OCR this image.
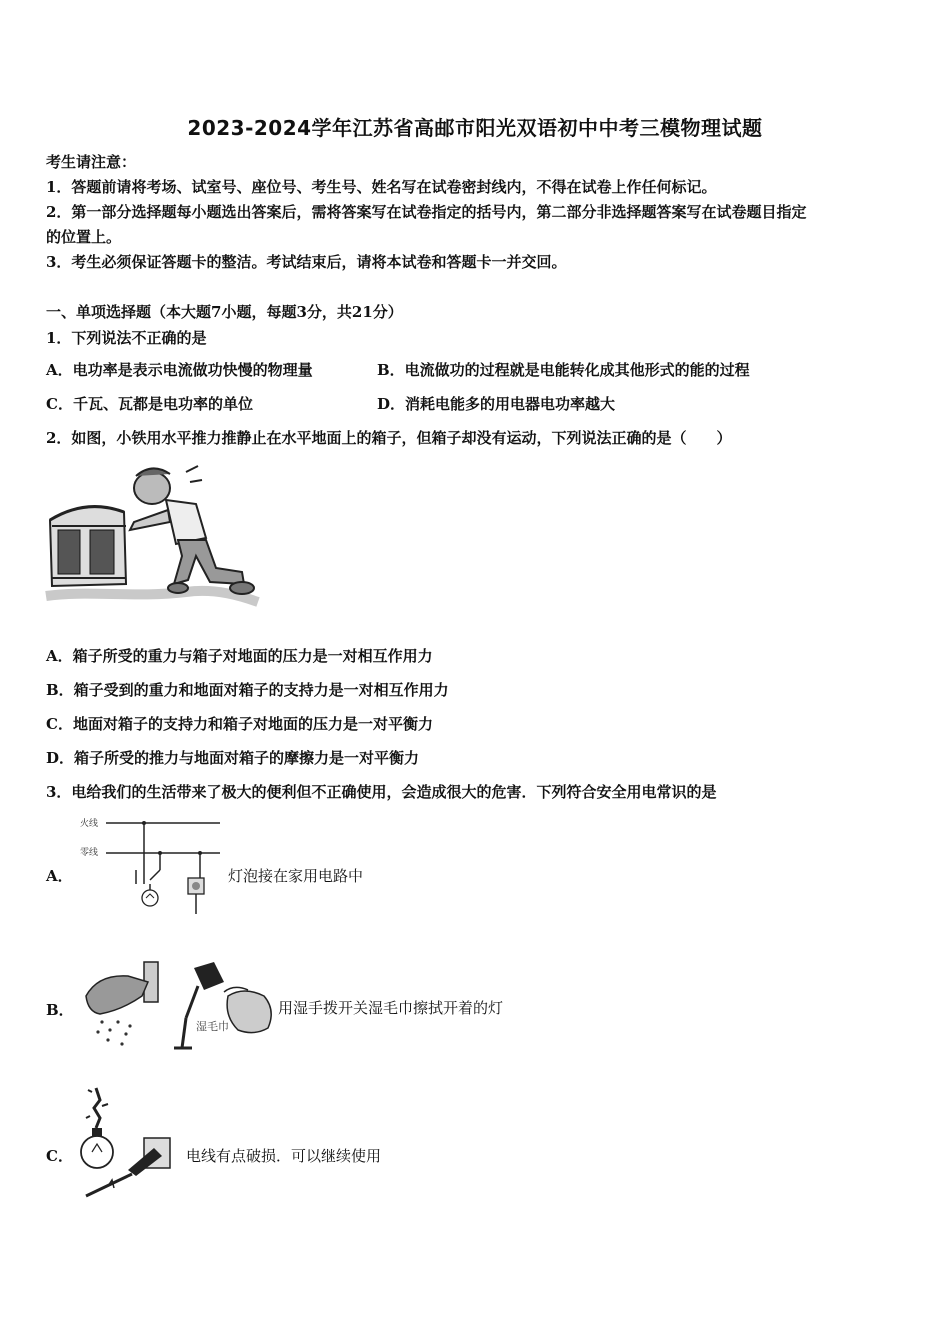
2023-2024学年江苏省高邮市阳光双语初中中考三模物理试题
考生请注意：
1．答题前请将考场、试室号、座位号、考生号、姓名写在试卷密封线内，不得在试卷上作任何标记。
2．第一部分选择题每小题选出答案后，需将答案写在试卷指定的括号内，第二部分非选择题答案写在试卷题目指定
的位置上。
3．考生必须保证答题卡的整洁。考试结束后，请将本试卷和答题卡一并交回。
一、单项选择题（本大题7小题，每题3分，共21分）
1．下列说法不正确的是
A．电功率是表示电流做功快慢的物理量	B．电流做功的过程就是电能转化成其他形式的能的过程
C．千瓦、瓦都是电功率的单位	D．消耗电能多的用电器电功率越大
2．如图，小铁用水平推力推静止在水平地面上的箱子，但箱子却没有运动，下列说法正确的是（　　）
A．箱子所受的重力与箱子对地面的压力是一对相互作用力
B．箱子受到的重力和地面对箱子的支持力是一对相互作用力
C．地面对箱子的支持力和箱子对地面的压力是一对平衡力
D．箱子所受的推力与地面对箱子的摩擦力是一对平衡力
3．电给我们的生活带来了极大的便利但不正确使用，会造成很大的危害．下列符合安全用电常识的是
A．
火线
零线
灯泡接在家用电路中
B．
湿毛巾
用湿手拨开关湿毛巾擦拭开着的灯
C．	电线有点破损．可以继续使用
